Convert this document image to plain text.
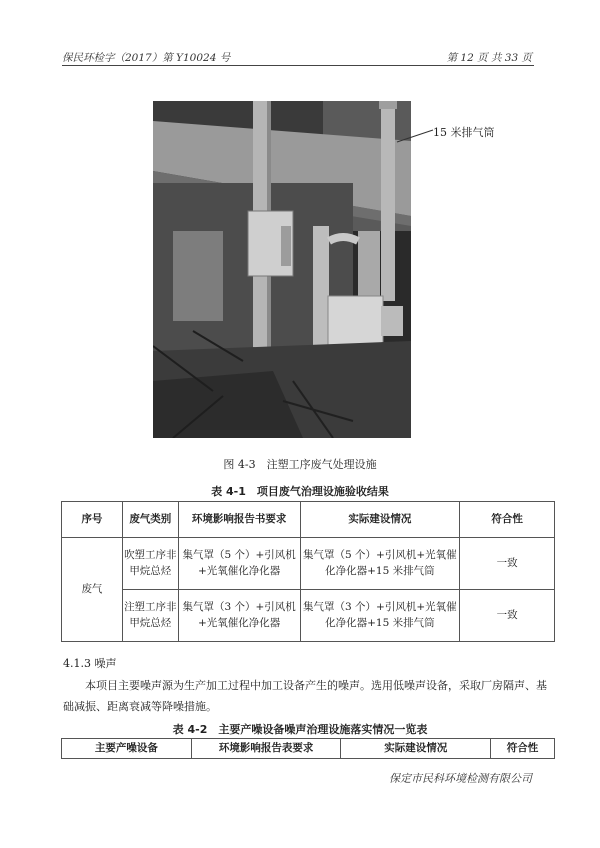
保民环检字（2017）第 Y10024 号	第 12 页 共 33 页
15 米排气筒
图 4-3　注塑工序废气处理设施
表 4-1　项目废气治理设施验收结果
序号	废气类别	环境影响报告书要求	实际建设情况	符合性
废气	吹塑工序非甲烷总烃	集气罩（5 个）+引风机+光氧催化净化器	集气罩（5 个）+引风机+光氧催化净化器+15 米排气筒	一致
	注塑工序非甲烷总烃	集气罩（3 个）+引风机+光氧催化净化器	集气罩（3 个）+引风机+光氧催化净化器+15 米排气筒	一致
4.1.3 噪声
本项目主要噪声源为生产加工过程中加工设备产生的噪声。选用低噪声设备，采取厂房隔声、基础减振、距离衰减等降噪措施。
表 4-2　主要产噪设备噪声治理设施落实情况一览表
主要产噪设备	环境影响报告表要求	实际建设情况	符合性
保定市民科环境检测有限公司
